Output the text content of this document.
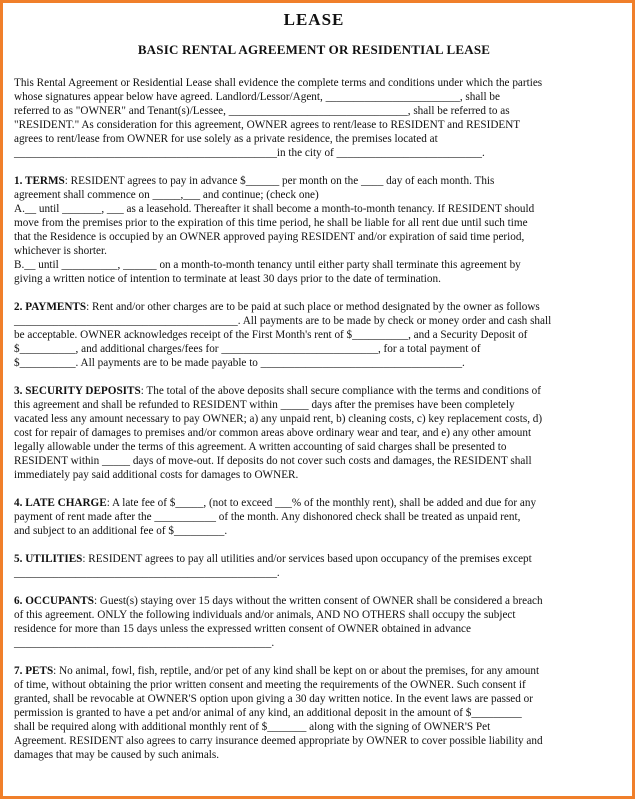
LEASE
BASIC RENTAL AGREEMENT OR RESIDENTIAL LEASE
This Rental Agreement or Residential Lease shall evidence the complete terms and conditions under which the parties
whose signatures appear below have agreed. Landlord/Lessor/Agent, ________________________, shall be
referred to as "OWNER" and Tenant(s)/Lessee, ________________________________, shall be referred to as
"RESIDENT." As consideration for this agreement, OWNER agrees to rent/lease to RESIDENT and RESIDENT
agrees to rent/lease from OWNER for use solely as a private residence, the premises located at
_______________________________________________in the city of __________________________.
1. TERMS: RESIDENT agrees to pay in advance $______ per month on the ____ day of each month. This
agreement shall commence on _____,___ and continue; (check one)
A.__ until _______, ___ as a leasehold. Thereafter it shall become a month-to-month tenancy. If RESIDENT should
move from the premises prior to the expiration of this time period, he shall be liable for all rent due until such time
that the Residence is occupied by an OWNER approved paying RESIDENT and/or expiration of said time period,
whichever is shorter.
B.__ until __________, ______ on a month-to-month tenancy until either party shall terminate this agreement by
giving a written notice of intention to terminate at least 30 days prior to the date of termination.
2. PAYMENTS: Rent and/or other charges are to be paid at such place or method designated by the owner as follows
________________________________________. All payments are to be made by check or money order and cash shall
be acceptable. OWNER acknowledges receipt of the First Month's rent of $__________, and a Security Deposit of
$__________, and additional charges/fees for ____________________________, for a total payment of
$__________. All payments are to be made payable to ____________________________________.
3. SECURITY DEPOSITS: The total of the above deposits shall secure compliance with the terms and conditions of
this agreement and shall be refunded to RESIDENT within _____ days after the premises have been completely
vacated less any amount necessary to pay OWNER; a) any unpaid rent, b) cleaning costs, c) key replacement costs, d)
cost for repair of damages to premises and/or common areas above ordinary wear and tear, and e) any other amount
legally allowable under the terms of this agreement. A written accounting of said charges shall be presented to
RESIDENT within _____ days of move-out. If deposits do not cover such costs and damages, the RESIDENT shall
immediately pay said additional costs for damages to OWNER.
4. LATE CHARGE: A late fee of $_____, (not to exceed ___% of the monthly rent), shall be added and due for any
payment of rent made after the ___________ of the month. Any dishonored check shall be treated as unpaid rent,
and subject to an additional fee of $_________.
5. UTILITIES: RESIDENT agrees to pay all utilities and/or services based upon occupancy of the premises except
_______________________________________________.
6. OCCUPANTS: Guest(s) staying over 15 days without the written consent of OWNER shall be considered a breach
of this agreement. ONLY the following individuals and/or animals, AND NO OTHERS shall occupy the subject
residence for more than 15 days unless the expressed written consent of OWNER obtained in advance
______________________________________________.
7. PETS: No animal, fowl, fish, reptile, and/or pet of any kind shall be kept on or about the premises, for any amount
of time, without obtaining the prior written consent and meeting the requirements of the OWNER. Such consent if
granted, shall be revocable at OWNER'S option upon giving a 30 day written notice. In the event laws are passed or
permission is granted to have a pet and/or animal of any kind, an additional deposit in the amount of $_________
shall be required along with additional monthly rent of $_______ along with the signing of OWNER'S Pet
Agreement. RESIDENT also agrees to carry insurance deemed appropriate by OWNER to cover possible liability and
damages that may be caused by such animals.
